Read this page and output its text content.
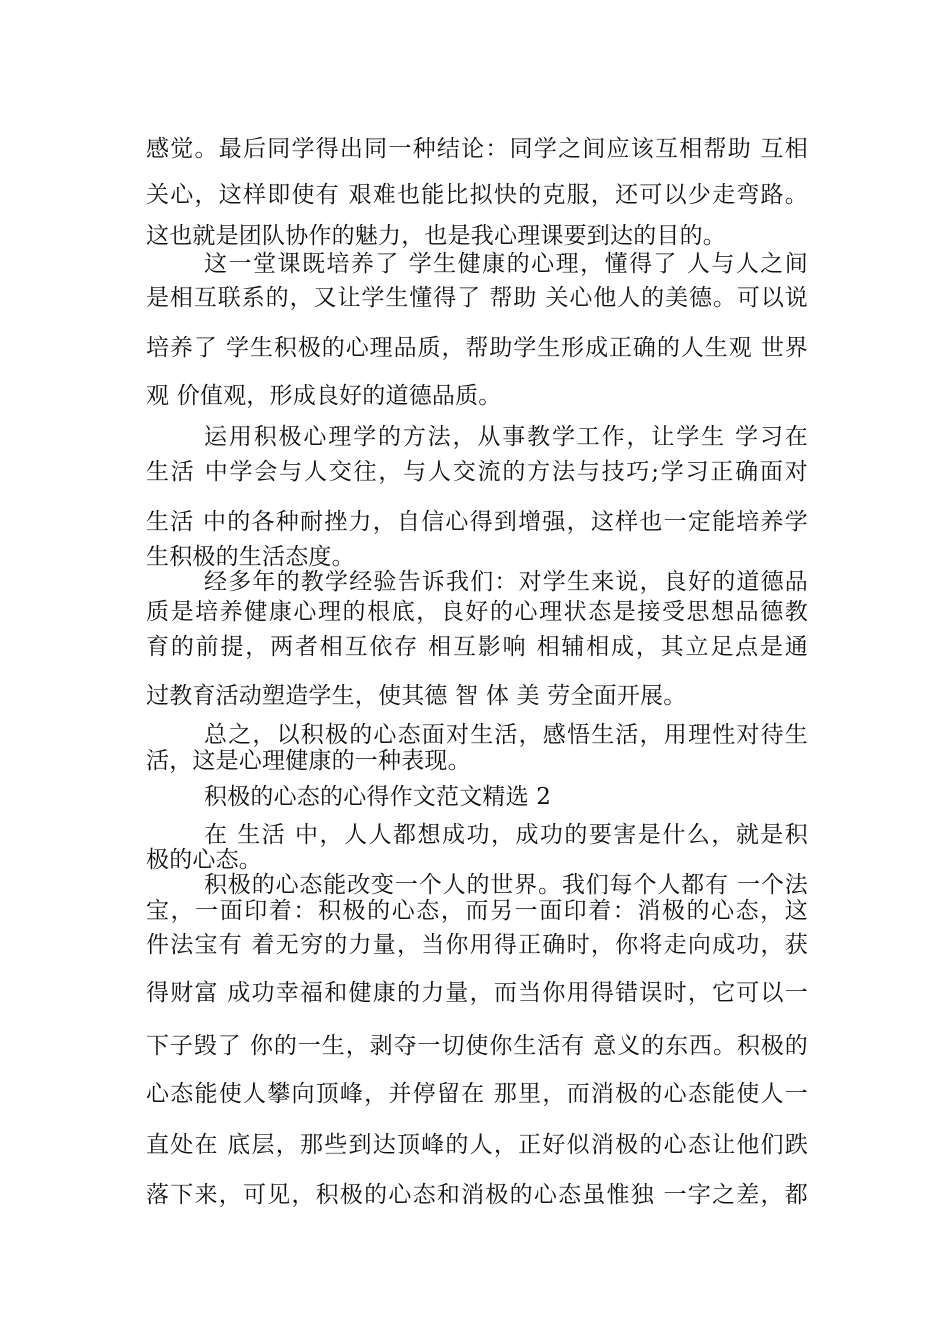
感觉。最后同学得出同一种结论：同学之间应该互相帮助 互相

关心，这样即使有 艰难也能比拟快的克服，还可以少走弯路。

这也就是团队协作的魅力，也是我心理课要到达的目的。

这一堂课既培养了 学生健康的心理，懂得了 人与人之间

是相互联系的，又让学生懂得了 帮助 关心他人的美德。可以说

培养了 学生积极的心理品质，帮助学生形成正确的人生观 世界

观 价值观，形成良好的道德品质。

运用积极心理学的方法，从事教学工作，让学生 学习在

生活 中学会与人交往，与人交流的方法与技巧;学习正确面对

生活 中的各种耐挫力，自信心得到增强，这样也一定能培养学

生积极的生活态度。

经多年的教学经验告诉我们：对学生来说，良好的道德品

质是培养健康心理的根底，良好的心理状态是接受思想品德教

育的前提，两者相互依存 相互影响 相辅相成，其立足点是通

过教育活动塑造学生，使其德 智 体 美 劳全面开展。

总之，以积极的心态面对生活，感悟生活，用理性对待生

活，这是心理健康的一种表现。

积极的心态的心得作文范文精选 2

在 生活 中，人人都想成功，成功的要害是什么，就是积

极的心态。

积极的心态能改变一个人的世界。我们每个人都有 一个法

宝，一面印着：积极的心态，而另一面印着：消极的心态，这

件法宝有 着无穷的力量，当你用得正确时，你将走向成功，获

得财富 成功幸福和健康的力量，而当你用得错误时，它可以一

下子毁了 你的一生，剥夺一切使你生活有 意义的东西。积极的

心态能使人攀向顶峰，并停留在 那里，而消极的心态能使人一

直处在 底层，那些到达顶峰的人，正好似消极的心态让他们跌

落下来，可见，积极的心态和消极的心态虽惟独 一字之差，都
